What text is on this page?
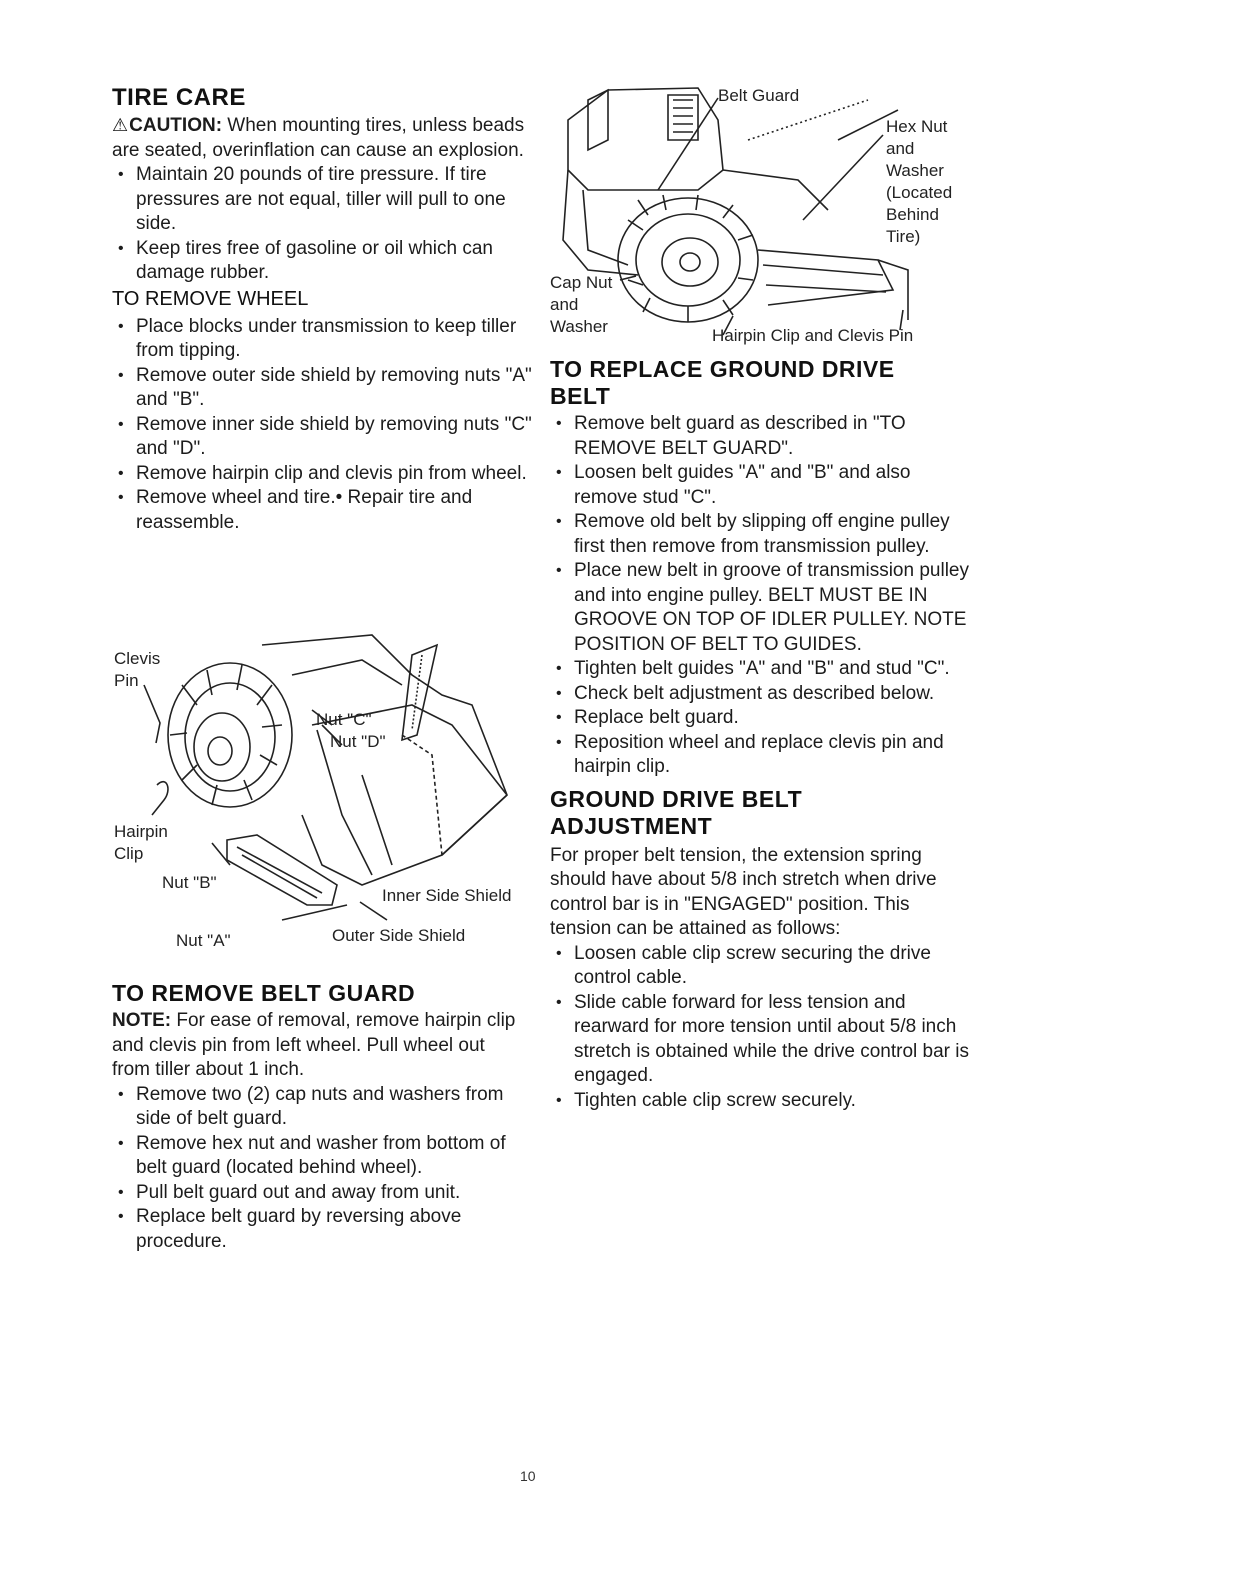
TIRE CARE

⚠CAUTION: When mounting tires, unless beads are seated, overinflation can cause an explosion.

• Maintain 20 pounds of tire pressure. If tire pressures are not equal, tiller will pull to one side.
• Keep tires free of gasoline or oil which can damage rubber.
TO REMOVE WHEEL
• Place blocks under transmission to keep tiller from tipping.
• Remove outer side shield by removing nuts "A" and "B".
• Remove inner side shield by removing nuts "C" and "D".
• Remove hairpin clip and clevis pin from wheel.
• Remove wheel and tire.• Repair tire and reassemble.
Clevis
Pin
Nut "C"
Nut "D"
Hairpin
Clip
Nut "B"
Inner Side Shield
Nut "A"	Outer Side Shield
TO REMOVE BELT GUARD

NOTE: For ease of removal, remove hairpin clip and clevis pin from left wheel. Pull wheel out from tiller about 1 inch.

• Remove two (2) cap nuts and washers from side of belt guard.
• Remove hex nut and washer from bottom of belt guard (located behind wheel).
• Pull belt guard out and away from unit.
• Replace belt guard by reversing above procedure.
Belt Guard
Hex Nut
and
Washer
(Located
Behind
Tire)
Cap Nut
and
Washer	Hairpin Clip and Clevis Pin
TO REPLACE GROUND DRIVE BELT
• Remove belt guard as described in "TO REMOVE BELT GUARD".
• Loosen belt guides "A" and "B" and also remove stud "C".
• Remove old belt by slipping off engine pulley first then remove from transmission pulley.
• Place new belt in groove of transmission pulley and into engine pulley. BELT MUST BE IN GROOVE ON TOP OF IDLER PULLEY. NOTE POSITION OF BELT TO GUIDES.
• Tighten belt guides "A" and "B" and stud "C".
• Check belt adjustment as described below.
• Replace belt guard.
• Reposition wheel and replace clevis pin and hairpin clip.
GROUND DRIVE BELT ADJUSTMENT

For proper belt tension, the extension spring should have about 5/8 inch stretch when drive control bar is in "ENGAGED" position. This tension can be attained as follows:

• Loosen cable clip screw securing the drive control cable.
• Slide cable forward for less tension and rearward for more tension until about 5/8 inch stretch is obtained while the drive control bar is engaged.
• Tighten cable clip screw securely.
10
